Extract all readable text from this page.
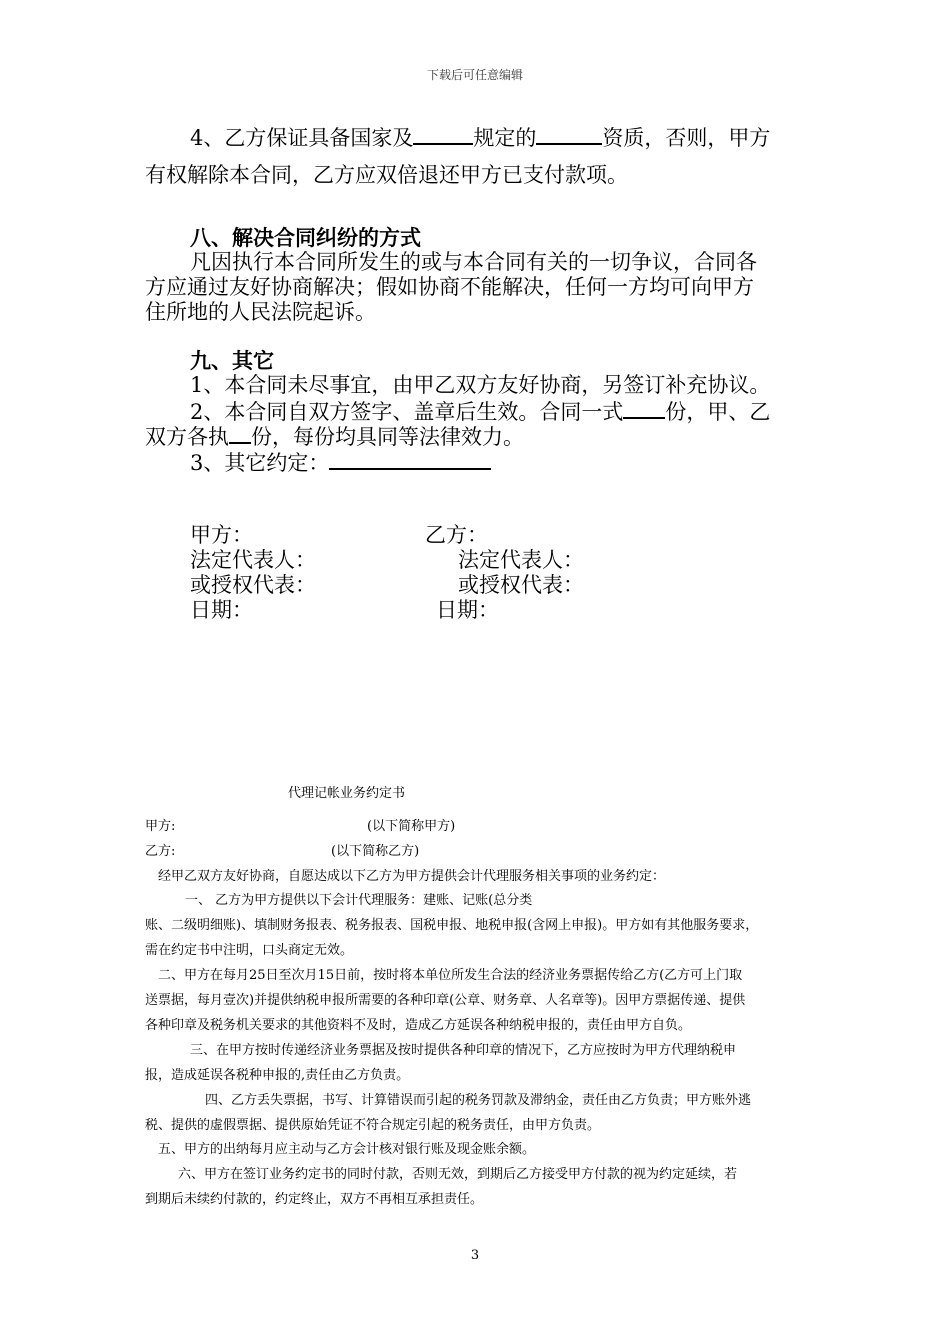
下载后可任意编辑
4、乙方保证具备国家及	规定的	资质，否则，甲方
有权解除本合同，乙方应双倍退还甲方已支付款项。
八、解决合同纠纷的方式
凡因执行本合同所发生的或与本合同有关的一切争议，合同各
方应通过友好协商解决；假如协商不能解决，任何一方均可向甲方
住所地的人民法院起诉。
九、其它
1、本合同未尽事宜，由甲乙双方友好协商，另签订补充协议。
2、本合同自双方签字、盖章后生效。合同一式 份，甲、乙
双方各执 份，每份均具同等法律效力。
3、其它约定：
甲方：	乙方：
法定代表人：	法定代表人：
或授权代表：	或授权代表：
日期：	日期：
代理记帐业务约定书
甲方:	(以下简称甲方)
乙方:	(以下简称乙方)
经甲乙双方友好协商，自愿达成以下乙方为甲方提供会计代理服务相关事项的业务约定：
一、 乙方为甲方提供以下会计代理服务：建账、记账(总分类
账、二级明细账)、填制财务报表、税务报表、国税申报、地税申报(含网上申报)。甲方如有其他服务要求，
需在约定书中注明，口头商定无效。
二、甲方在每月25日至次月15日前，按时将本单位所发生合法的经济业务票据传给乙方(乙方可上门取
送票据，每月壹次)并提供纳税申报所需要的各种印章(公章、财务章、人名章等)。因甲方票据传递、提供
各种印章及税务机关要求的其他资料不及时，造成乙方延误各种纳税申报的，责任由甲方自负。
三、在甲方按时传递经济业务票据及按时提供各种印章的情况下，乙方应按时为甲方代理纳税申
报，造成延误各税种申报的,责任由乙方负责。
四、乙方丢失票据，书写、计算错误而引起的税务罚款及滞纳金，责任由乙方负责；甲方账外逃
税、提供的虚假票据、提供原始凭证不符合规定引起的税务责任，由甲方负责。
五、甲方的出纳每月应主动与乙方会计核对银行账及现金账余额。
六、甲方在签订业务约定书的同时付款，否则无效，到期后乙方接受甲方付款的视为约定延续，若
到期后未续约付款的，约定终止，双方不再相互承担责任。
3
